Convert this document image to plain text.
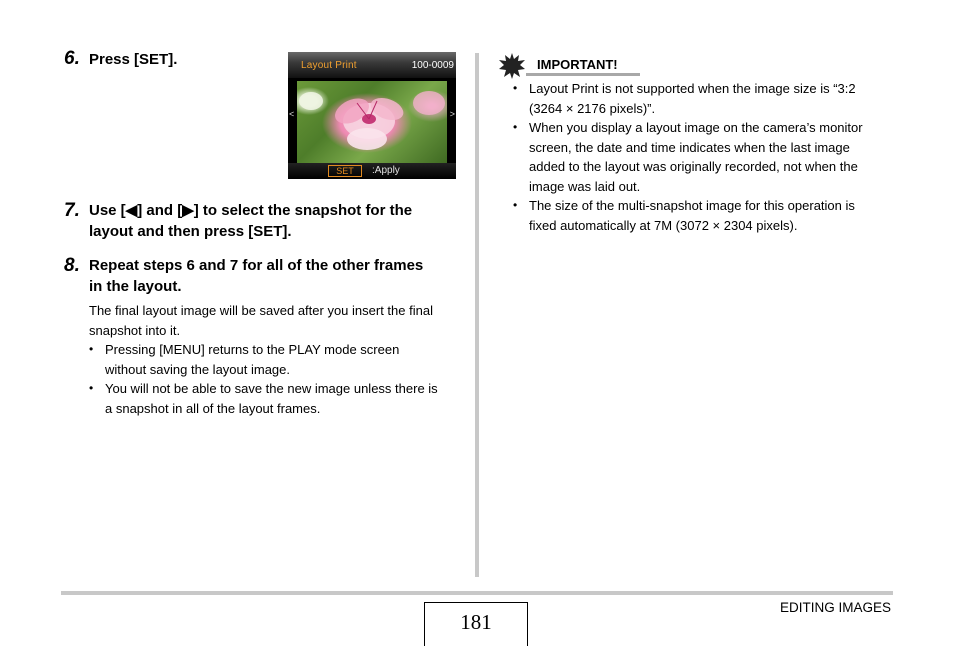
6. Press [SET].	Layout Print	100-0009
<	>
SET	:Apply
7. Use [◀] and [▶] to select the snapshot for the
layout and then press [SET].
8. Repeat steps 6 and 7 for all of the other frames
in the layout.
The final layout image will be saved after you insert the final
snapshot into it.
• Pressing [MENU] returns to the PLAY mode screen
without saving the layout image.
• You will not be able to save the new image unless there is
a snapshot in all of the layout frames.
IMPORTANT!
• Layout Print is not supported when the image size is “3:2
(3264 × 2176 pixels)”.
• When you display a layout image on the camera’s monitor
screen, the date and time indicates when the last image
added to the layout was originally recorded, not when the
image was laid out.
• The size of the multi-snapshot image for this operation is
fixed automatically at 7M (3072 × 2304 pixels).
181
EDITING IMAGES
